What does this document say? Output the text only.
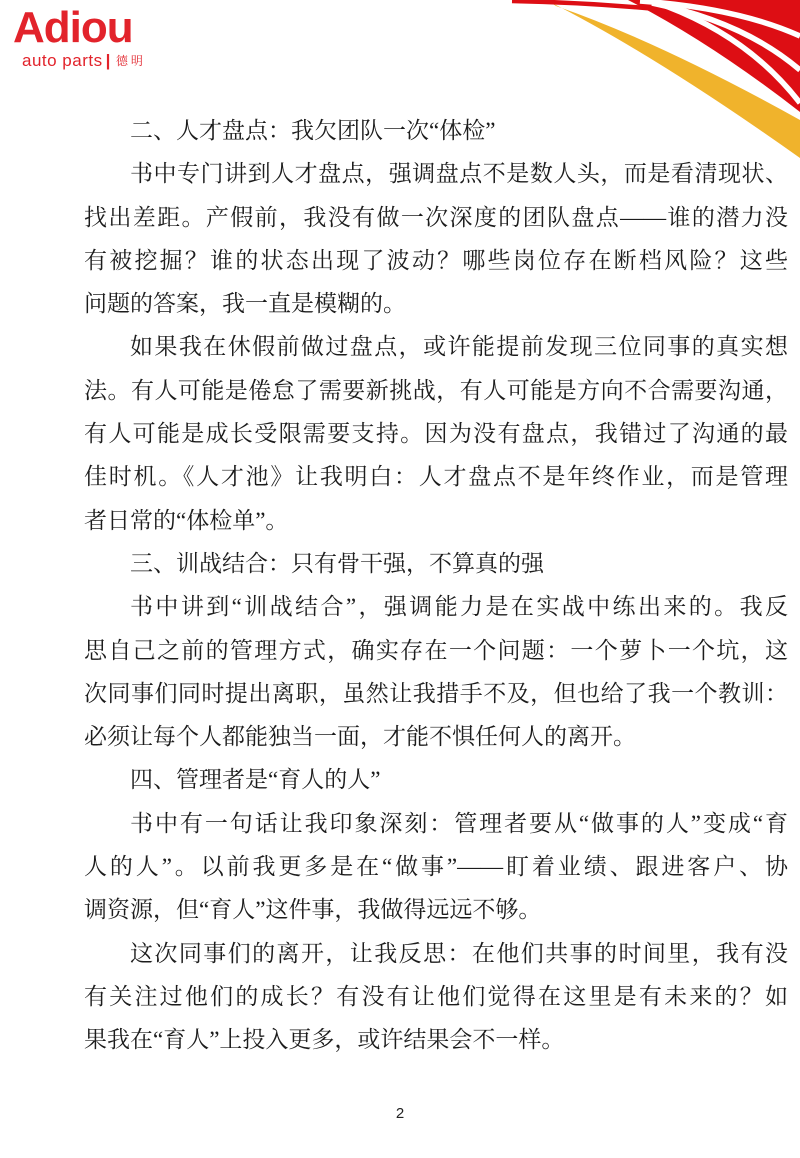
Adiou
auto parts | 德明
二、人才盘点：我欠团队一次“体检”
书中专门讲到人才盘点，强调盘点不是数人头，而是看清现状、
找出差距。产假前，我没有做一次深度的团队盘点——谁的潜力没
有被挖掘？谁的状态出现了波动？哪些岗位存在断档风险？这些
问题的答案，我一直是模糊的。
如果我在休假前做过盘点，或许能提前发现三位同事的真实想
法。有人可能是倦怠了需要新挑战，有人可能是方向不合需要沟通，
有人可能是成长受限需要支持。因为没有盘点，我错过了沟通的最
佳时机。《人才池》让我明白：人才盘点不是年终作业，而是管理
者日常的“体检单”。
三、训战结合：只有骨干强，不算真的强
书中讲到“训战结合”，强调能力是在实战中练出来的。我反
思自己之前的管理方式，确实存在一个问题：一个萝卜一个坑，这
次同事们同时提出离职，虽然让我措手不及，但也给了我一个教训：
必须让每个人都能独当一面，才能不惧任何人的离开。
四、管理者是“育人的人”
书中有一句话让我印象深刻：管理者要从“做事的人”变成“育
人的人”。以前我更多是在“做事”——盯着业绩、跟进客户、协
调资源，但“育人”这件事，我做得远远不够。
这次同事们的离开，让我反思：在他们共事的时间里，我有没
有关注过他们的成长？有没有让他们觉得在这里是有未来的？如
果我在“育人”上投入更多，或许结果会不一样。
2
